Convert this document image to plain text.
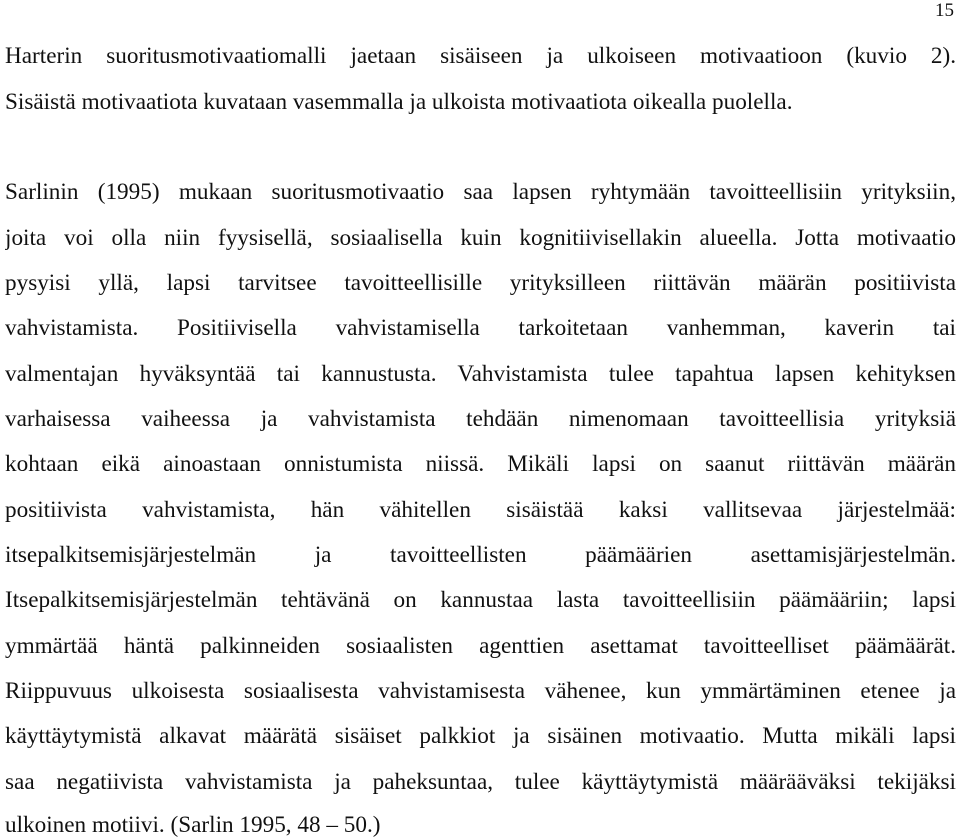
15
Harterin suoritusmotivaatiomalli jaetaan sisäiseen ja ulkoiseen motivaatioon (kuvio 2).
Sisäistä motivaatiota kuvataan vasemmalla ja ulkoista motivaatiota oikealla puolella.
Sarlinin (1995) mukaan suoritusmotivaatio saa lapsen ryhtymään tavoitteellisiin yrityksiin,
joita voi olla niin fyysisellä, sosiaalisella kuin kognitiivisellakin alueella. Jotta motivaatio
pysyisi yllä, lapsi tarvitsee tavoitteellisille yrityksilleen riittävän määrän positiivista
vahvistamista. Positiivisella vahvistamisella tarkoitetaan vanhemman, kaverin tai
valmentajan hyväksyntää tai kannustusta. Vahvistamista tulee tapahtua lapsen kehityksen
varhaisessa vaiheessa ja vahvistamista tehdään nimenomaan tavoitteellisia yrityksiä
kohtaan eikä ainoastaan onnistumista niissä. Mikäli lapsi on saanut riittävän määrän
positiivista vahvistamista, hän vähitellen sisäistää kaksi vallitsevaa järjestelmää:
itsepalkitsemisjärjestelmän ja tavoitteellisten päämäärien asettamisjärjestelmän.
Itsepalkitsemisjärjestelmän tehtävänä on kannustaa lasta tavoitteellisiin päämääriin; lapsi
ymmärtää häntä palkinneiden sosiaalisten agenttien asettamat tavoitteelliset päämäärät.
Riippuvuus ulkoisesta sosiaalisesta vahvistamisesta vähenee, kun ymmärtäminen etenee ja
käyttäytymistä alkavat määrätä sisäiset palkkiot ja sisäinen motivaatio. Mutta mikäli lapsi
saa negatiivista vahvistamista ja paheksuntaa, tulee käyttäytymistä määrääväksi tekijäksi
ulkoinen motiivi. (Sarlin 1995, 48 – 50.)
